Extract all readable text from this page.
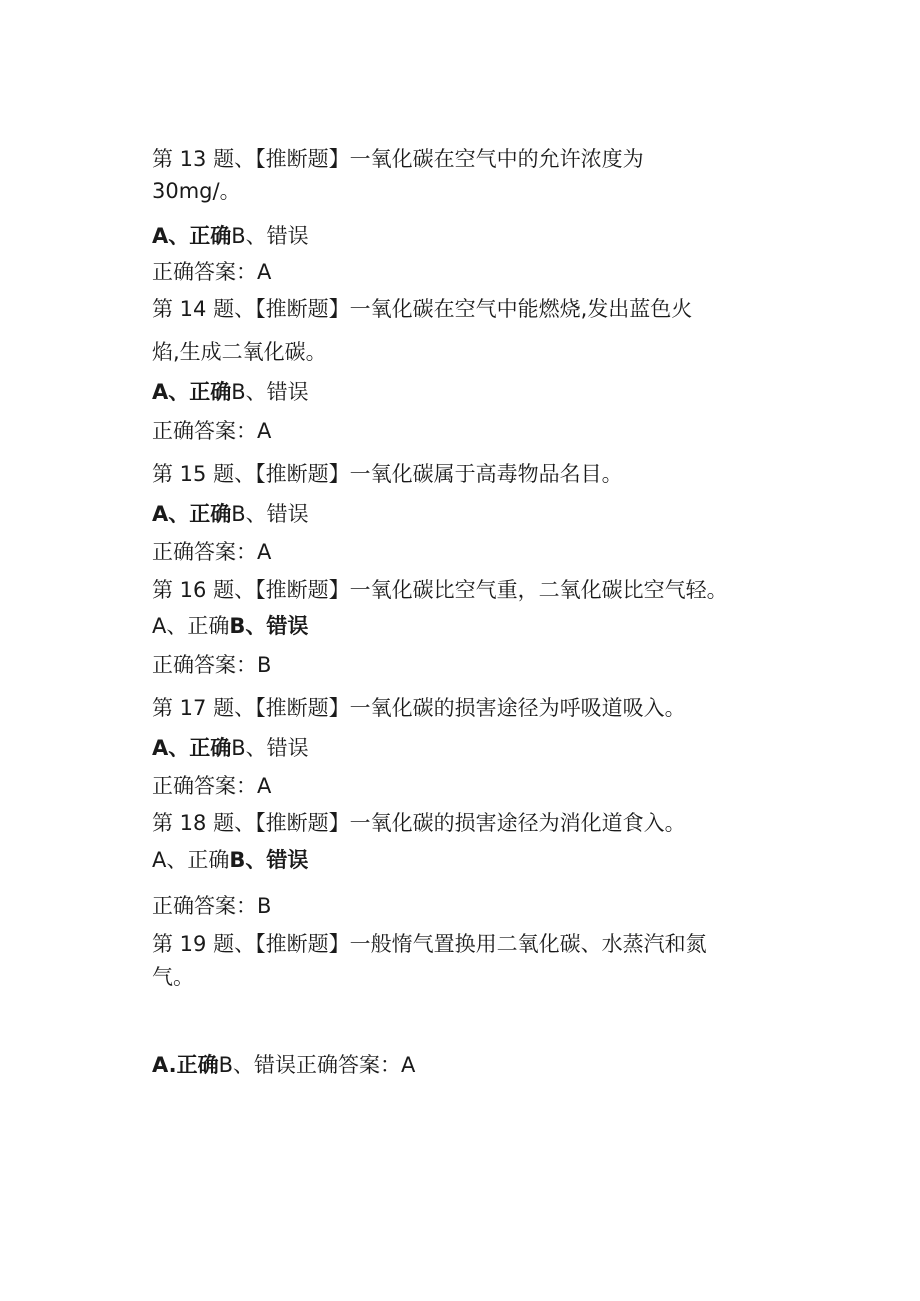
第 13 题、【推断题】一氧化碳在空气中的允许浓度为
30mg/。
A、正确B、错误
正确答案：A
第 14 题、【推断题】一氧化碳在空气中能燃烧,发出蓝色火
焰,生成二氧化碳。
A、正确B、错误
正确答案：A
第 15 题、【推断题】一氧化碳属于高毒物品名目。
A、正确B、错误
正确答案：A
第 16 题、【推断题】一氧化碳比空气重，二氧化碳比空气轻。
A、正确B、错误
正确答案：B
第 17 题、【推断题】一氧化碳的损害途径为呼吸道吸入。
A、正确B、错误
正确答案：A
第 18 题、【推断题】一氧化碳的损害途径为消化道食入。
A、正确B、错误
正确答案：B
第 19 题、【推断题】一般惰气置换用二氧化碳、水蒸汽和氮
气。
A.正确B、错误正确答案：A
